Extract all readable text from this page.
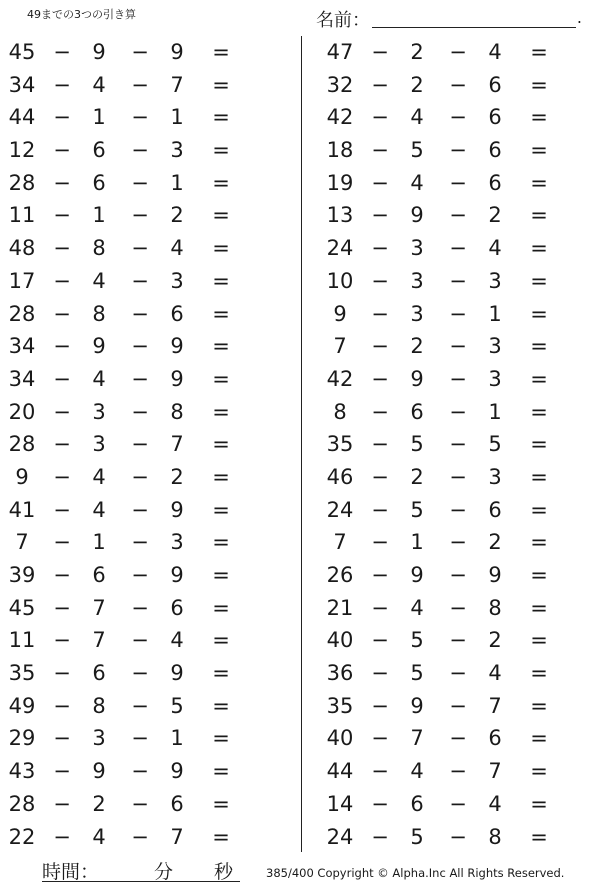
49までの3つの引き算	名前：	.
45 −	9	−	9	=
34 −	4	−	7	=
44 −	1	−	1	=
12 −	6	−	3	=
28 −	6	−	1	=
11 −	1	−	2	=
48 −	8	−	4	=
17 −	4	−	3	=
28 −	8	−	6	=
34 −	9	−	9	=
34 −	4	−	9	=
20 −	3	−	8	=
28 −	3	−	7	=
9	−	4	−	2	=
41 −	4	−	9	=
7	−	1	−	3	=
39 −	6	−	9	=
45 −	7	−	6	=
11 −	7	−	4	=
35 −	6	−	9	=
49 −	8	−	5	=
29 −	3	−	1	=
43 −	9	−	9	=
28 −	2	−	6	=
22 −	4	−	7	=
47 −	2	−	4	=
32 −	2	−	6	=
42 −	4	−	6	=
18 −	5	−	6	=
19 −	4	−	6	=
13 −	9	−	2	=
24 −	3	−	4	=
10 −	3	−	3	=
9	−	3	−	1	=
7	−	2	−	3	=
42 −	9	−	3	=
8	−	6	−	1	=
35 −	5	−	5	=
46 −	2	−	3	=
24 −	5	−	6	=
7	−	1	−	2	=
26 −	9	−	9	=
21 −	4	−	8	=
40 −	5	−	2	=
36 −	5	−	4	=
35 −	9	−	7	=
40 −	7	−	6	=
44 −	4	−	7	=
14 −	6	−	4	=
24 −	5	−	8	=
時間：	分 秒	385/400 Copyright © Alpha.Inc All Rights Reserved.
